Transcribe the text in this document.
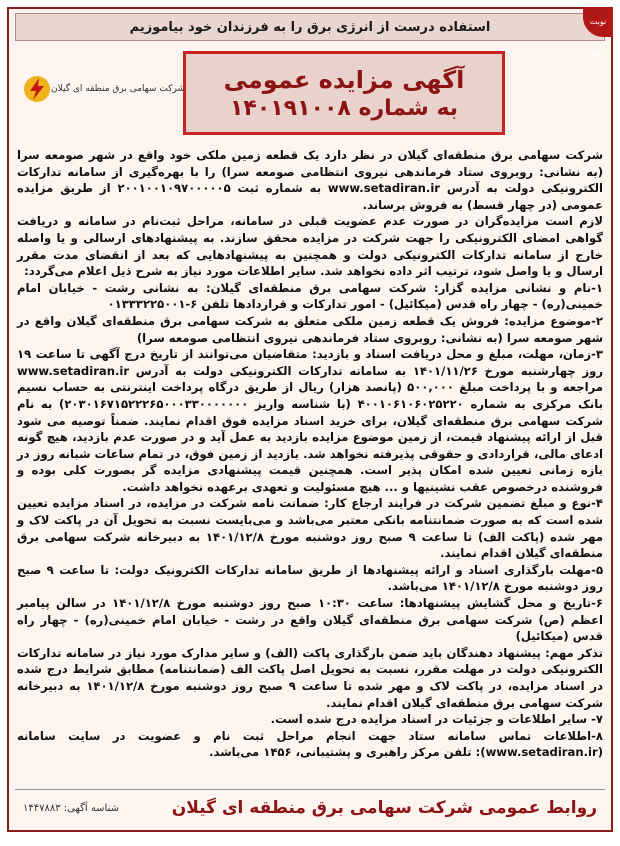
استفاده درست از انرژی برق را به فرزندان خود بیاموزیم	نوبت دوم
آگهی مزایده عمومی
به شماره ۱۴۰۱۹۱۰۰۸
شرکت سهامی برق منطقه ای گیلان

شرکت سهامی برق منطقه‌ای گیلان در نظر دارد یک قطعه زمین ملکی خود واقع در شهر صومعه سرا (به نشانی: روبروی ستاد فرماندهی نیروی انتظامی صومعه سرا) را با بهره‌گیری از سامانه تدارکات الکترونیکی دولت به آدرس www.setadiran.ir به شماره ثبت ۲۰۰۱۰۰۱۰۹۷۰۰۰۰۰۵ از طریق مزایده عمومی (در چهار قسط) به فروش برساند.

لازم است مزایده‌گران در صورت عدم عضویت قبلی در سامانه، مراحل ثبت‌نام در سامانه و دریافت گواهی امضای الکترونیکی را جهت شرکت در مزایده محقق سازند. به پیشنهادهای ارسالی و یا واصله خارج از سامانه تدارکات الکترونیکی دولت و همچنین به پیشنهادهایی که بعد از انقضای مدت مقرر ارسال و یا واصل شود، ترتیب اثر داده نخواهد شد. سایر اطلاعات مورد نیاز به شرح ذیل اعلام می‌گردد:

۱-نام و نشانی مزایده گزار: شرکت سهامی برق منطقه‌ای گیلان: به نشانی رشت - خیابان امام خمینی(ره) - چهار راه قدس (میکائیل) - امور تدارکات و قراردادها تلفن ۶-۰۱۳۳۳۲۲۵۰۰۱

۲-موضوع مزایده: فروش یک قطعه زمین ملکی متعلق به شرکت سهامی برق منطقه‌ای گیلان واقع در شهر صومعه سرا (به نشانی: روبروی ستاد فرماندهی نیروی انتظامی صومعه سرا)

۳-زمان، مهلت، مبلغ و محل دریافت اسناد و بازدید: متقاضیان می‌توانند از تاریخ درج آگهی تا ساعت ۱۹ روز چهارشنبه مورخ ۱۴۰۱/۱۱/۲۶ به سامانه تدارکات الکترونیکی دولت به آدرس www.setadiran.ir مراجعه و با پرداخت مبلغ ۵۰۰,۰۰۰ (پانصد هزار) ریال از طریق درگاه پرداخت اینترنتی به حساب نسیم بانک مرکزی به شماره ۴۰۰۱۰۶۱۰۶۰۲۵۲۲۰ (با شناسه واریز ۲۰۳۰۱۶۷۱۵۲۲۲۶۵۰۰۰۳۳۰۰۰۰۰۰۰) به نام شرکت سهامی برق منطقه‌ای گیلان، برای خرید اسناد مزایده فوق اقدام نمایند. ضمناً توصیه می شود قبل از ارائه پیشنهاد قیمت، از زمین موضوع مزایده بازدید به عمل آید و در صورت عدم بازدید، هیچ گونه ادعای مالی، قراردادی و حقوقی پذیرفته نخواهد شد. بازدید از زمین فوق، در تمام ساعات شبانه روز در بازه زمانی تعیین شده امکان پذیر است. همچنین قیمت پیشنهادی مزایده گر بصورت کلی بوده و فروشنده درخصوص عقب نشینیها و ... هیچ مسئولیت و تعهدی برعهده نخواهد داشت.

۴-نوع و مبلغ تضمین شرکت در فرایند ارجاع کار: ضمانت نامه شرکت در مزایده، در اسناد مزایده تعیین شده است که به صورت ضمانتنامه بانکی معتبر می‌باشد و می‌بایست نسبت به تحویل آن در پاکت لاک و مهر شده (پاکت الف) تا ساعت ۹ صبح روز دوشنبه مورخ ۱۴۰۱/۱۲/۸ به دبیرخانه شرکت سهامی برق منطقه‌ای گیلان اقدام نمایند.

۵-مهلت بارگذاری اسناد و ارائه پیشنهادها از طریق سامانه تدارکات الکترونیک دولت: تا ساعت ۹ صبح روز دوشنبه مورخ ۱۴۰۱/۱۲/۸ می‌باشد.

۶-تاریخ و محل گشایش پیشنهادها: ساعت ۱۰:۳۰ صبح روز دوشنبه مورخ ۱۴۰۱/۱۲/۸ در سالن پیامبر اعظم (ص) شرکت سهامی برق منطقه‌ای گیلان واقع در رشت - خیابان امام خمینی(ره) - چهار راه قدس (میکائیل)

تذکر مهم: پیشنهاد دهندگان باید ضمن بارگذاری پاکت (الف) و سایر مدارک مورد نیاز در سامانه تدارکات الکترونیکی دولت در مهلت مقرر، نسبت به تحویل اصل پاکت الف (ضمانتنامه) مطابق شرایط درج شده در اسناد مزایده، در پاکت لاک و مهر شده تا ساعت ۹ صبح روز دوشنبه مورخ ۱۴۰۱/۱۲/۸ به دبیرخانه شرکت سهامی برق منطقه‌ای گیلان اقدام نمایند.

۷- سایر اطلاعات و جزئیات در اسناد مزایده درج شده است.

۸-اطلاعات تماس سامانه ستاد جهت انجام مراحل ثبت نام و عضویت در سایت سامانه (www.setadiran.ir): تلفن مرکز راهبری و پشتیبانی، ۱۴۵۶ می‌باشد.

روابط عمومی شرکت سهامی برق منطقه ای گیلان
شناسه آگهی: ۱۴۴۷۸۸۳
